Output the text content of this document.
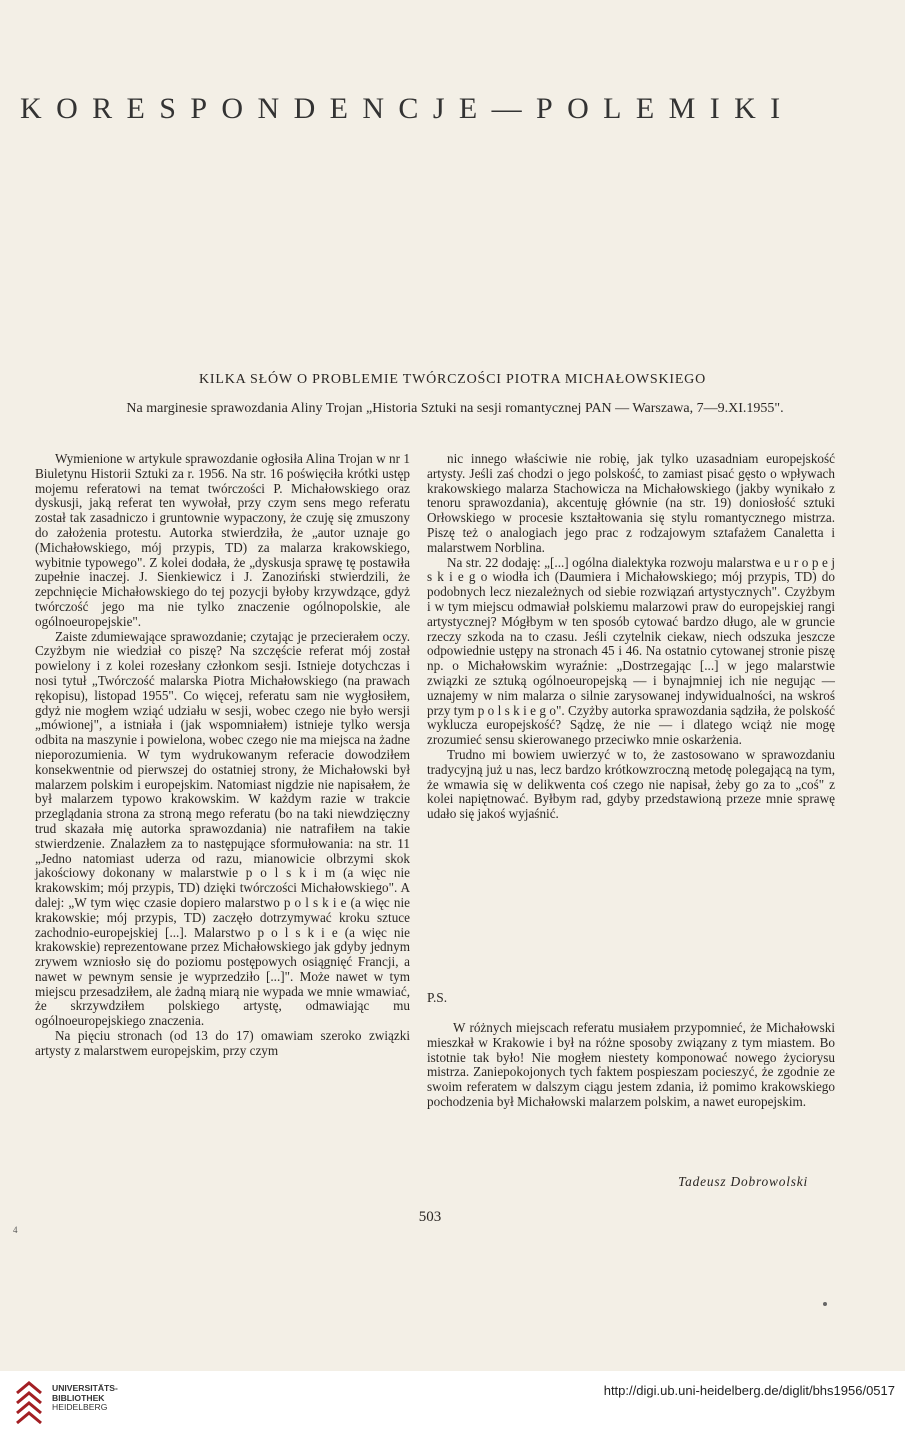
KORESPONDENCJE—POLEMIKI
KILKA SŁÓW O PROBLEMIE TWÓRCZOŚCI PIOTRA MICHAŁOWSKIEGO
Na marginesie sprawozdania Aliny Trojan „Historia Sztuki na sesji romantycznej PAN — Warszawa, 7—9.XI.1955".

Wymienione w artykule sprawozdanie ogłosiła Alina Trojan w nr 1 Biuletynu Historii Sztuki za r. 1956. Na str. 16 poświęciła krótki ustęp mojemu referatowi na temat twórczości P. Michałowskiego oraz dyskusji, jaką referat ten wywołał, przy czym sens mego referatu został tak zasadniczo i gruntownie wypaczony, że czuję się zmuszony do założenia protestu. Autorka stwierdziła, że „autor uznaje go (Michałowskiego, mój przypis, TD) za malarza krakowskiego, wybitnie typowego". Z kolei dodała, że „dyskusja sprawę tę postawiła zupełnie inaczej. J. Sienkiewicz i J. Zanoziński stwierdzili, że zepchnięcie Michałowskiego do tej pozycji byłoby krzywdzące, gdyż twórczość jego ma nie tylko znaczenie ogólnopolskie, ale ogólnoeuropejskie".

Zaiste zdumiewające sprawozdanie; czytając je przecierałem oczy. Czyżbym nie wiedział co piszę? Na szczęście referat mój został powielony i z kolei rozesłany członkom sesji. Istnieje dotychczas i nosi tytuł „Twórczość malarska Piotra Michałowskiego (na prawach rękopisu), listopad 1955". Co więcej, referatu sam nie wygłosiłem, gdyż nie mogłem wziąć udziału w sesji, wobec czego nie było wersji „mówionej", a istniała i (jak wspomniałem) istnieje tylko wersja odbita na maszynie i powielona, wobec czego nie ma miejsca na żadne nieporozumienia. W tym wydrukowanym referacie dowodziłem konsekwentnie od pierwszej do ostatniej strony, że Michałowski był malarzem polskim i europejskim. Natomiast nigdzie nie napisałem, że był malarzem typowo krakowskim. W każdym razie w trakcie przeglądania strona za stroną mego referatu (bo na taki niewdzięczny trud skazała mię autorka sprawozdania) nie natrafiłem na takie stwierdzenie. Znalazłem za to następujące sformułowania: na str. 11 „Jedno natomiast uderza od razu, mianowicie olbrzymi skok jakościowy dokonany w malarstwie p o l s k i m (a więc nie krakowskim; mój przypis, TD) dzięki twórczości Michałowskiego". A dalej: „W tym więc czasie dopiero malarstwo p o l s k i e (a więc nie krakowskie; mój przypis, TD) zaczęło dotrzymywać kroku sztuce zachodnio-europejskiej [...]. Malarstwo p o l s k i e (a więc nie krakowskie) reprezentowane przez Michałowskiego jak gdyby jednym zrywem wzniosło się do poziomu postępowych osiągnięć Francji, a nawet w pewnym sensie je wyprzedziło [...]". Może nawet w tym miejscu przesadziłem, ale żadną miarą nie wypada we mnie wmawiać, że skrzywdziłem polskiego artystę, odmawiając mu ogólnoeuropejskiego znaczenia.

Na pięciu stronach (od 13 do 17) omawiam szeroko związki artysty z malarstwem europejskim, przy czym

nic innego właściwie nie robię, jak tylko uzasadniam europejskość artysty. Jeśli zaś chodzi o jego polskość, to zamiast pisać gęsto o wpływach krakowskiego malarza Stachowicza na Michałowskiego (jakby wynikało z tenoru sprawozdania), akcentuję głównie (na str. 19) doniosłość sztuki Orłowskiego w procesie kształtowania się stylu romantycznego mistrza. Piszę też o analogiach jego prac z rodzajowym sztafażem Canaletta i malarstwem Norblina.

Na str. 22 dodaję: „[...] ogólna dialektyka rozwoju malarstwa e u r o p e j s k i e g o wiodła ich (Daumiera i Michałowskiego; mój przypis, TD) do podobnych lecz niezależnych od siebie rozwiązań artystycznych". Czyżbym i w tym miejscu odmawiał polskiemu malarzowi praw do europejskiej rangi artystycznej? Mógłbym w ten sposób cytować bardzo długo, ale w gruncie rzeczy szkoda na to czasu. Jeśli czytelnik ciekaw, niech odszuka jeszcze odpowiednie ustępy na stronach 45 i 46. Na ostatnio cytowanej stronie piszę np. o Michałowskim wyraźnie: „Dostrzegając [...] w jego malarstwie związki ze sztuką ogólnoeuropejską — i bynajmniej ich nie negując — uznajemy w nim malarza o silnie zarysowanej indywidualności, na wskroś przy tym p o l s k i e g o". Czyżby autorka sprawozdania sądziła, że polskość wyklucza europejskość? Sądzę, że nie — i dlatego wciąż nie mogę zrozumieć sensu skierowanego przeciwko mnie oskarżenia.

Trudno mi bowiem uwierzyć w to, że zastosowano w sprawozdaniu tradycyjną już u nas, lecz bardzo krótkowzroczną metodę polegającą na tym, że wmawia się w delikwenta coś czego nie napisał, żeby go za to „coś" z kolei napiętnować. Byłbym rad, gdyby przedstawioną przeze mnie sprawę udało się jakoś wyjaśnić.

P.S.

W różnych miejscach referatu musiałem przypomnieć, że Michałowski mieszkał w Krakowie i był na różne sposoby związany z tym miastem. Bo istotnie tak było! Nie mogłem niestety komponować nowego życiorysu mistrza. Zaniepokojonych tych faktem pospieszam pocieszyć, że zgodnie ze swoim referatem w dalszym ciągu jestem zdania, iż pomimo krakowskiego pochodzenia był Michałowski malarzem polskim, a nawet europejskim.

Tadeusz Dobrowolski
503
4
UNIVERSITÄTS-
BIBLIOTHEK
HEIDELBERG
http://digi.ub.uni-heidelberg.de/diglit/bhs1956/0517
